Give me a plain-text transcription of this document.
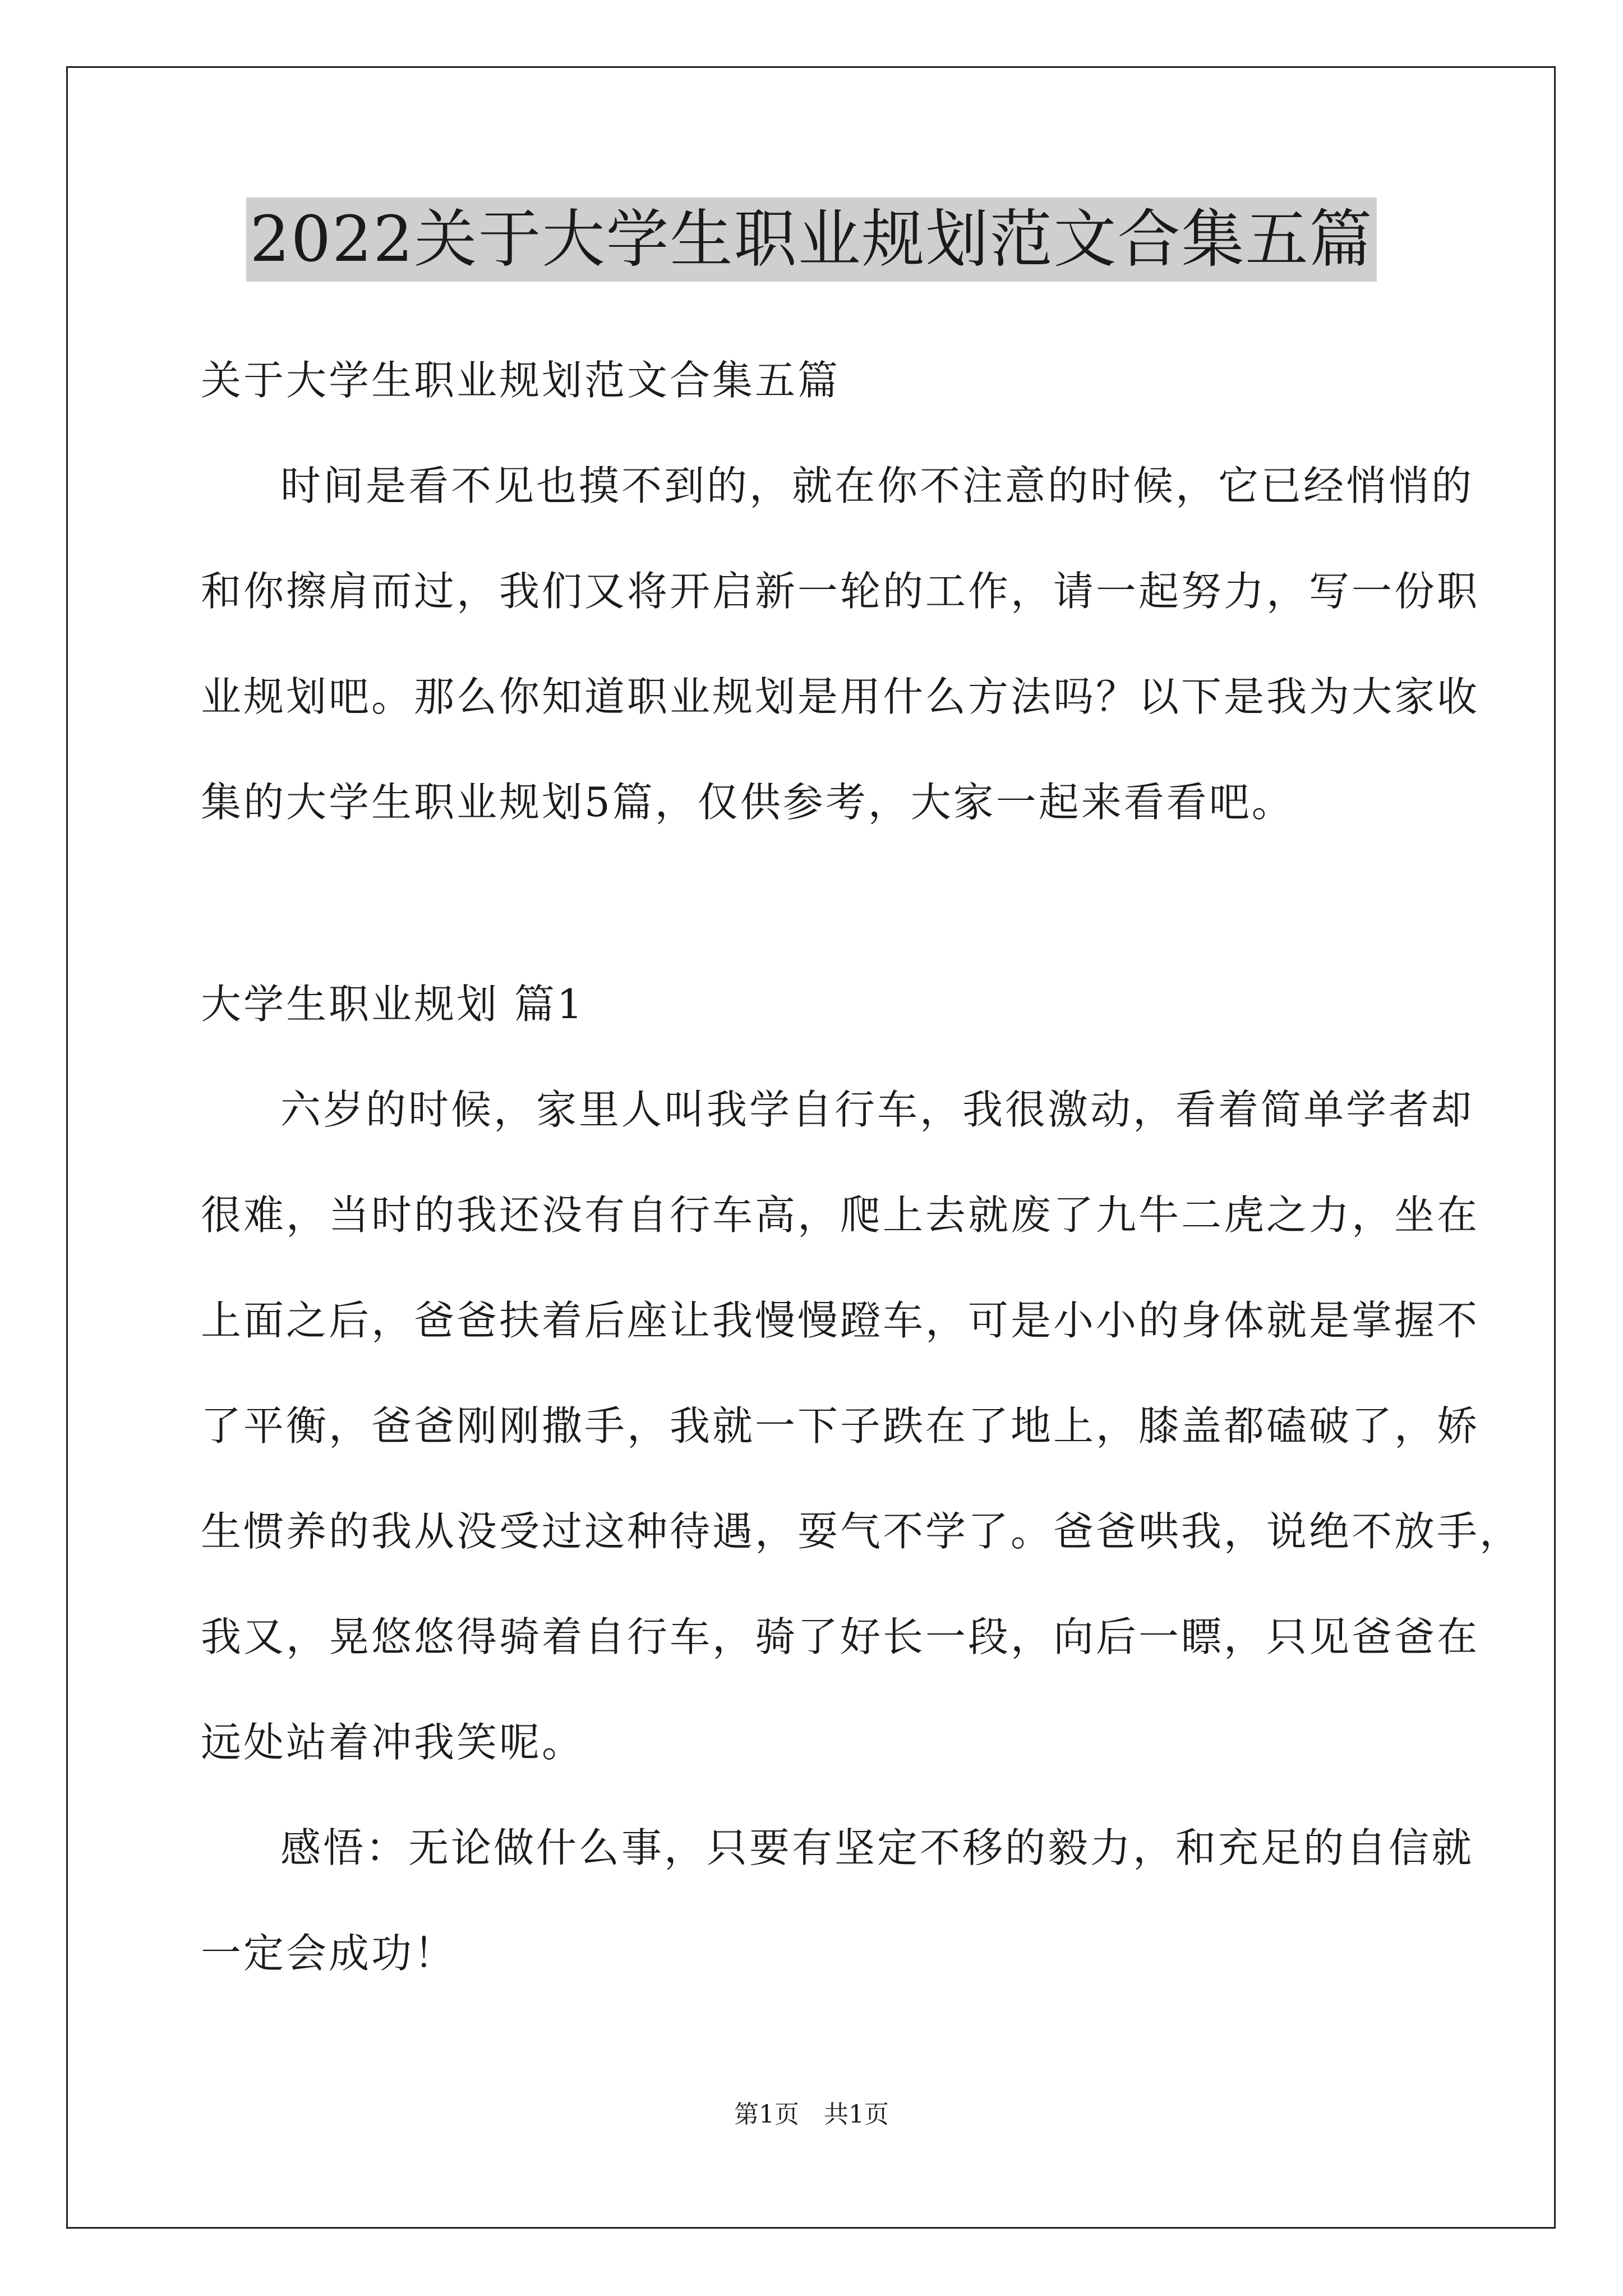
2022关于大学生职业规划范文合集五篇
关于大学生职业规划范文合集五篇
时间是看不见也摸不到的，就在你不注意的时候，它已经悄悄的
和你擦肩而过，我们又将开启新一轮的工作，请一起努力，写一份职
业规划吧。那么你知道职业规划是用什么方法吗？以下是我为大家收
集的大学生职业规划5篇，仅供参考，大家一起来看看吧。
大学生职业规划 篇1
六岁的时候，家里人叫我学自行车，我很激动，看着简单学者却
很难，当时的我还没有自行车高，爬上去就废了九牛二虎之力，坐在
上面之后，爸爸扶着后座让我慢慢蹬车，可是小小的身体就是掌握不
了平衡，爸爸刚刚撒手，我就一下子跌在了地上，膝盖都磕破了，娇
生惯养的我从没受过这种待遇，耍气不学了。爸爸哄我，说绝不放手，
我又，晃悠悠得骑着自行车，骑了好长一段，向后一瞟，只见爸爸在
远处站着冲我笑呢。
感悟：无论做什么事，只要有坚定不移的毅力，和充足的自信就
一定会成功！
第1页　共1页
